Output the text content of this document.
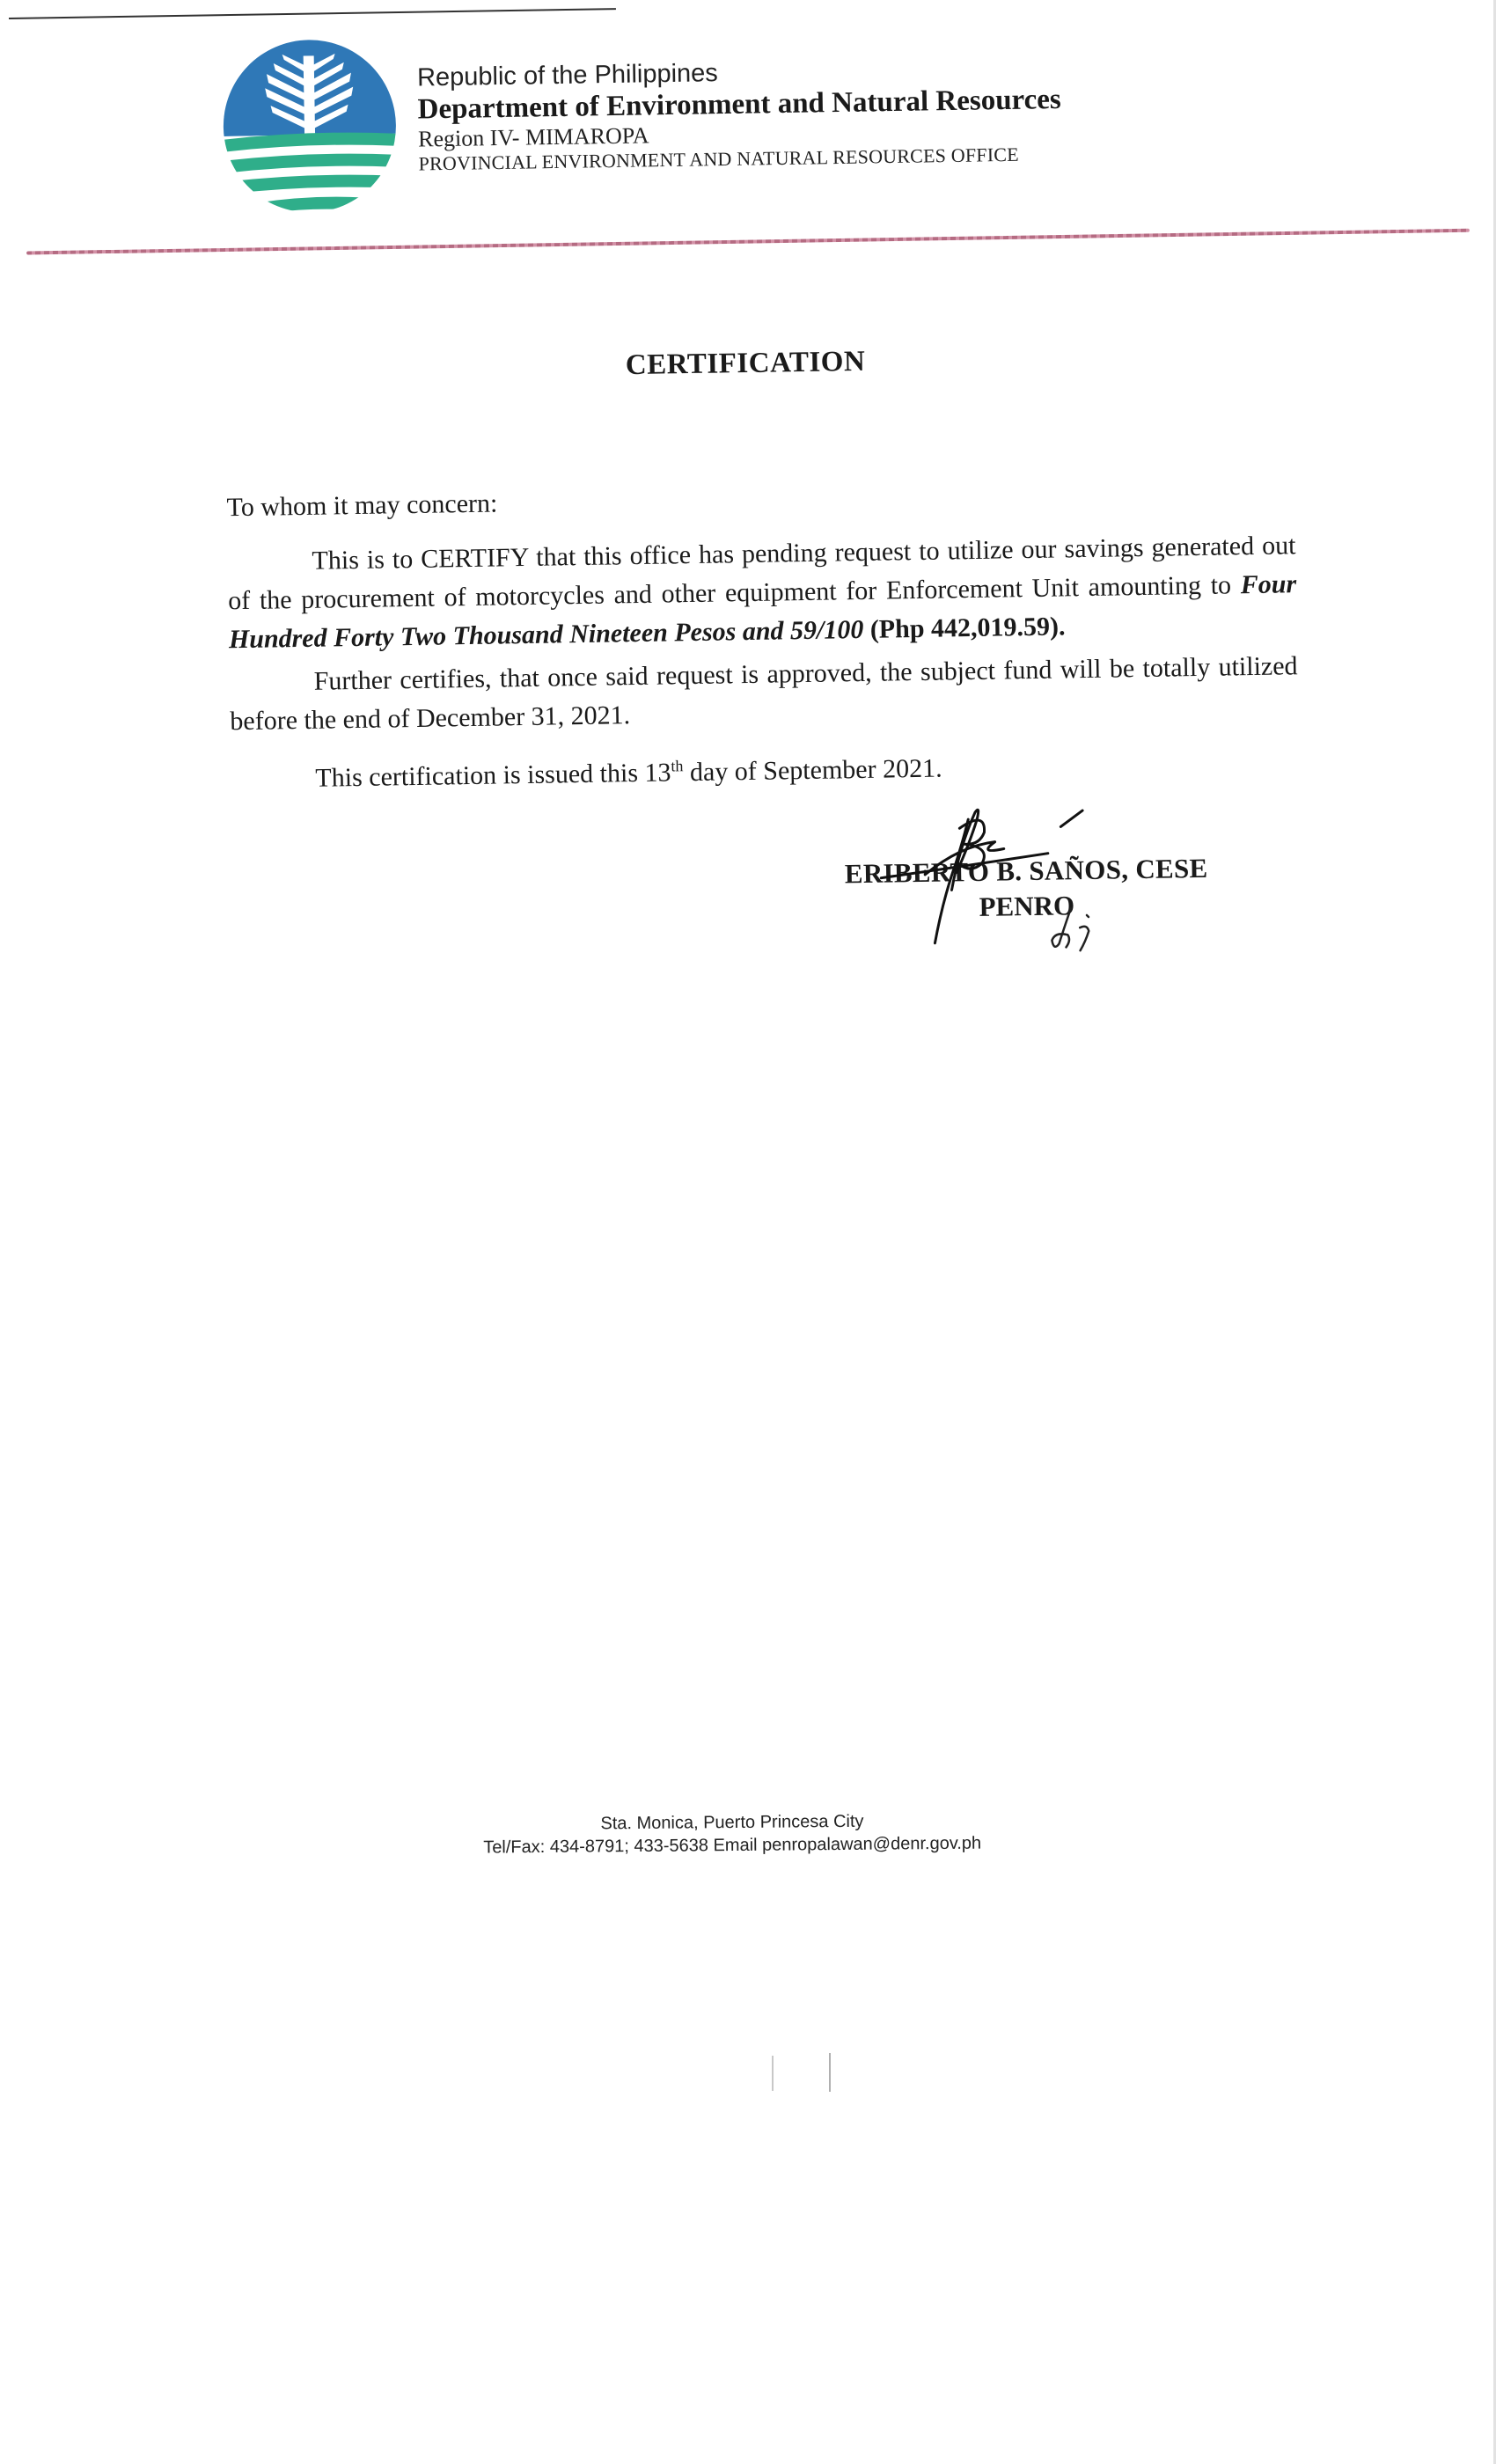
Republic of the Philippines
Department of Environment and Natural Resources
Region IV- MIMAROPA
PROVINCIAL ENVIRONMENT AND NATURAL RESOURCES OFFICE
CERTIFICATION
To whom it may concern:
This is to CERTIFY that this office has pending request to utilize our savings generated out of the procurement of motorcycles and other equipment for Enforcement Unit amounting to Four Hundred Forty Two Thousand Nineteen Pesos and 59/100 (Php 442,019.59).
Further certifies, that once said request is approved, the subject fund will be totally utilized before the end of December 31, 2021.
This certification is issued this 13th day of September 2021.
ERIBERTO B. SAÑOS, CESE
PENRO
Sta. Monica, Puerto Princesa City
Tel/Fax: 434-8791; 433-5638 Email penropalawan@denr.gov.ph
